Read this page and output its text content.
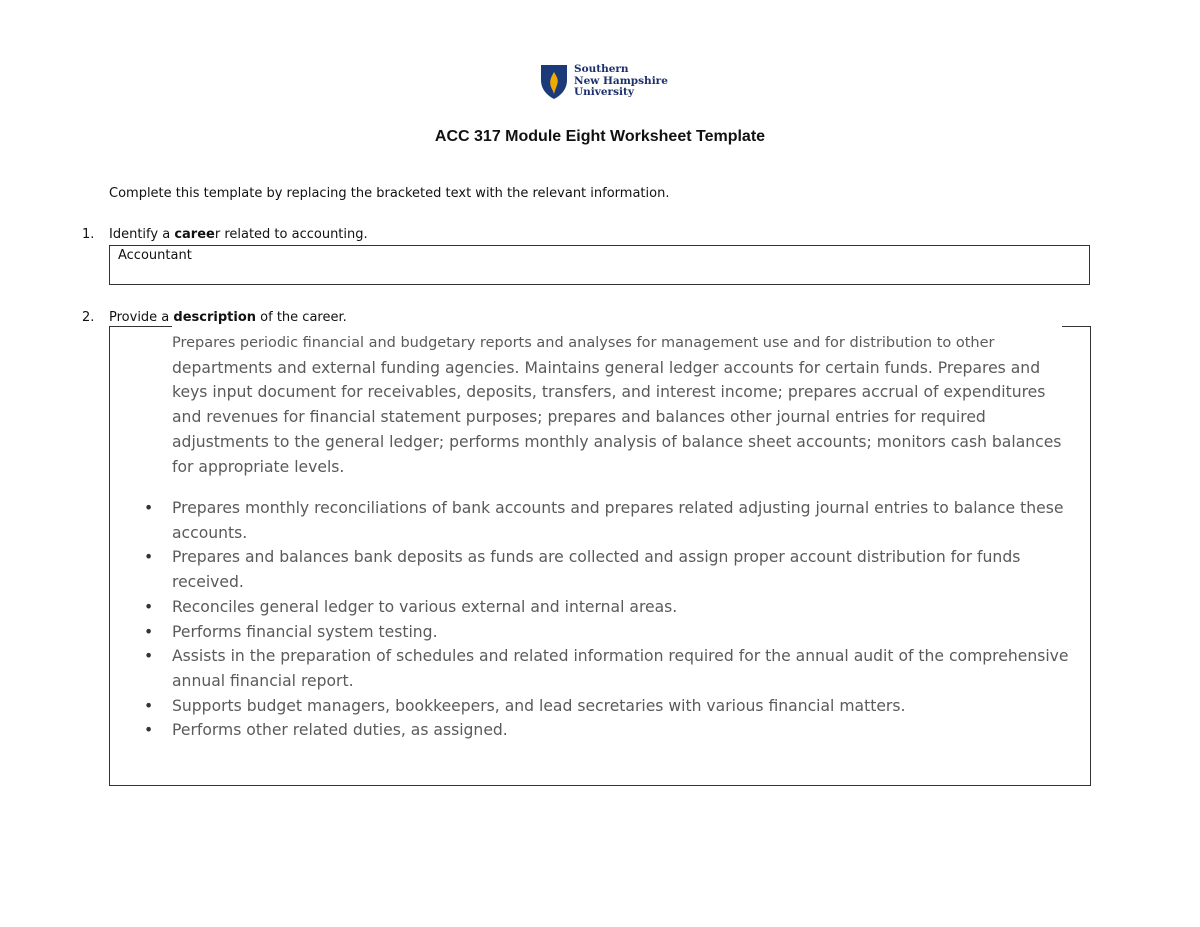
Southern
New Hampshire
University
ACC 317 Module Eight Worksheet Template

Complete this template by replacing the bracketed text with the relevant information.

1. Identify a career related to accounting.
Accountant
2. Provide a description of the career.

Prepares periodic financial and budgetary reports and analyses for management use and for distribution to other
departments and external funding agencies. Maintains general ledger accounts for certain funds. Prepares and keys input document for receivables, deposits, transfers, and interest income; prepares accrual of expenditures and revenues for financial statement purposes; prepares and balances other journal entries for required adjustments to the general ledger; performs monthly analysis of balance sheet accounts; monitors cash balances for appropriate levels.

• Prepares monthly reconciliations of bank accounts and prepares related adjusting journal entries to balance these accounts.
• Prepares and balances bank deposits as funds are collected and assign proper account distribution for funds received.
• Reconciles general ledger to various external and internal areas.
• Performs financial system testing.
• Assists in the preparation of schedules and related information required for the annual audit of the comprehensive annual financial report.
• Supports budget managers, bookkeepers, and lead secretaries with various financial matters.
• Performs other related duties, as assigned.
